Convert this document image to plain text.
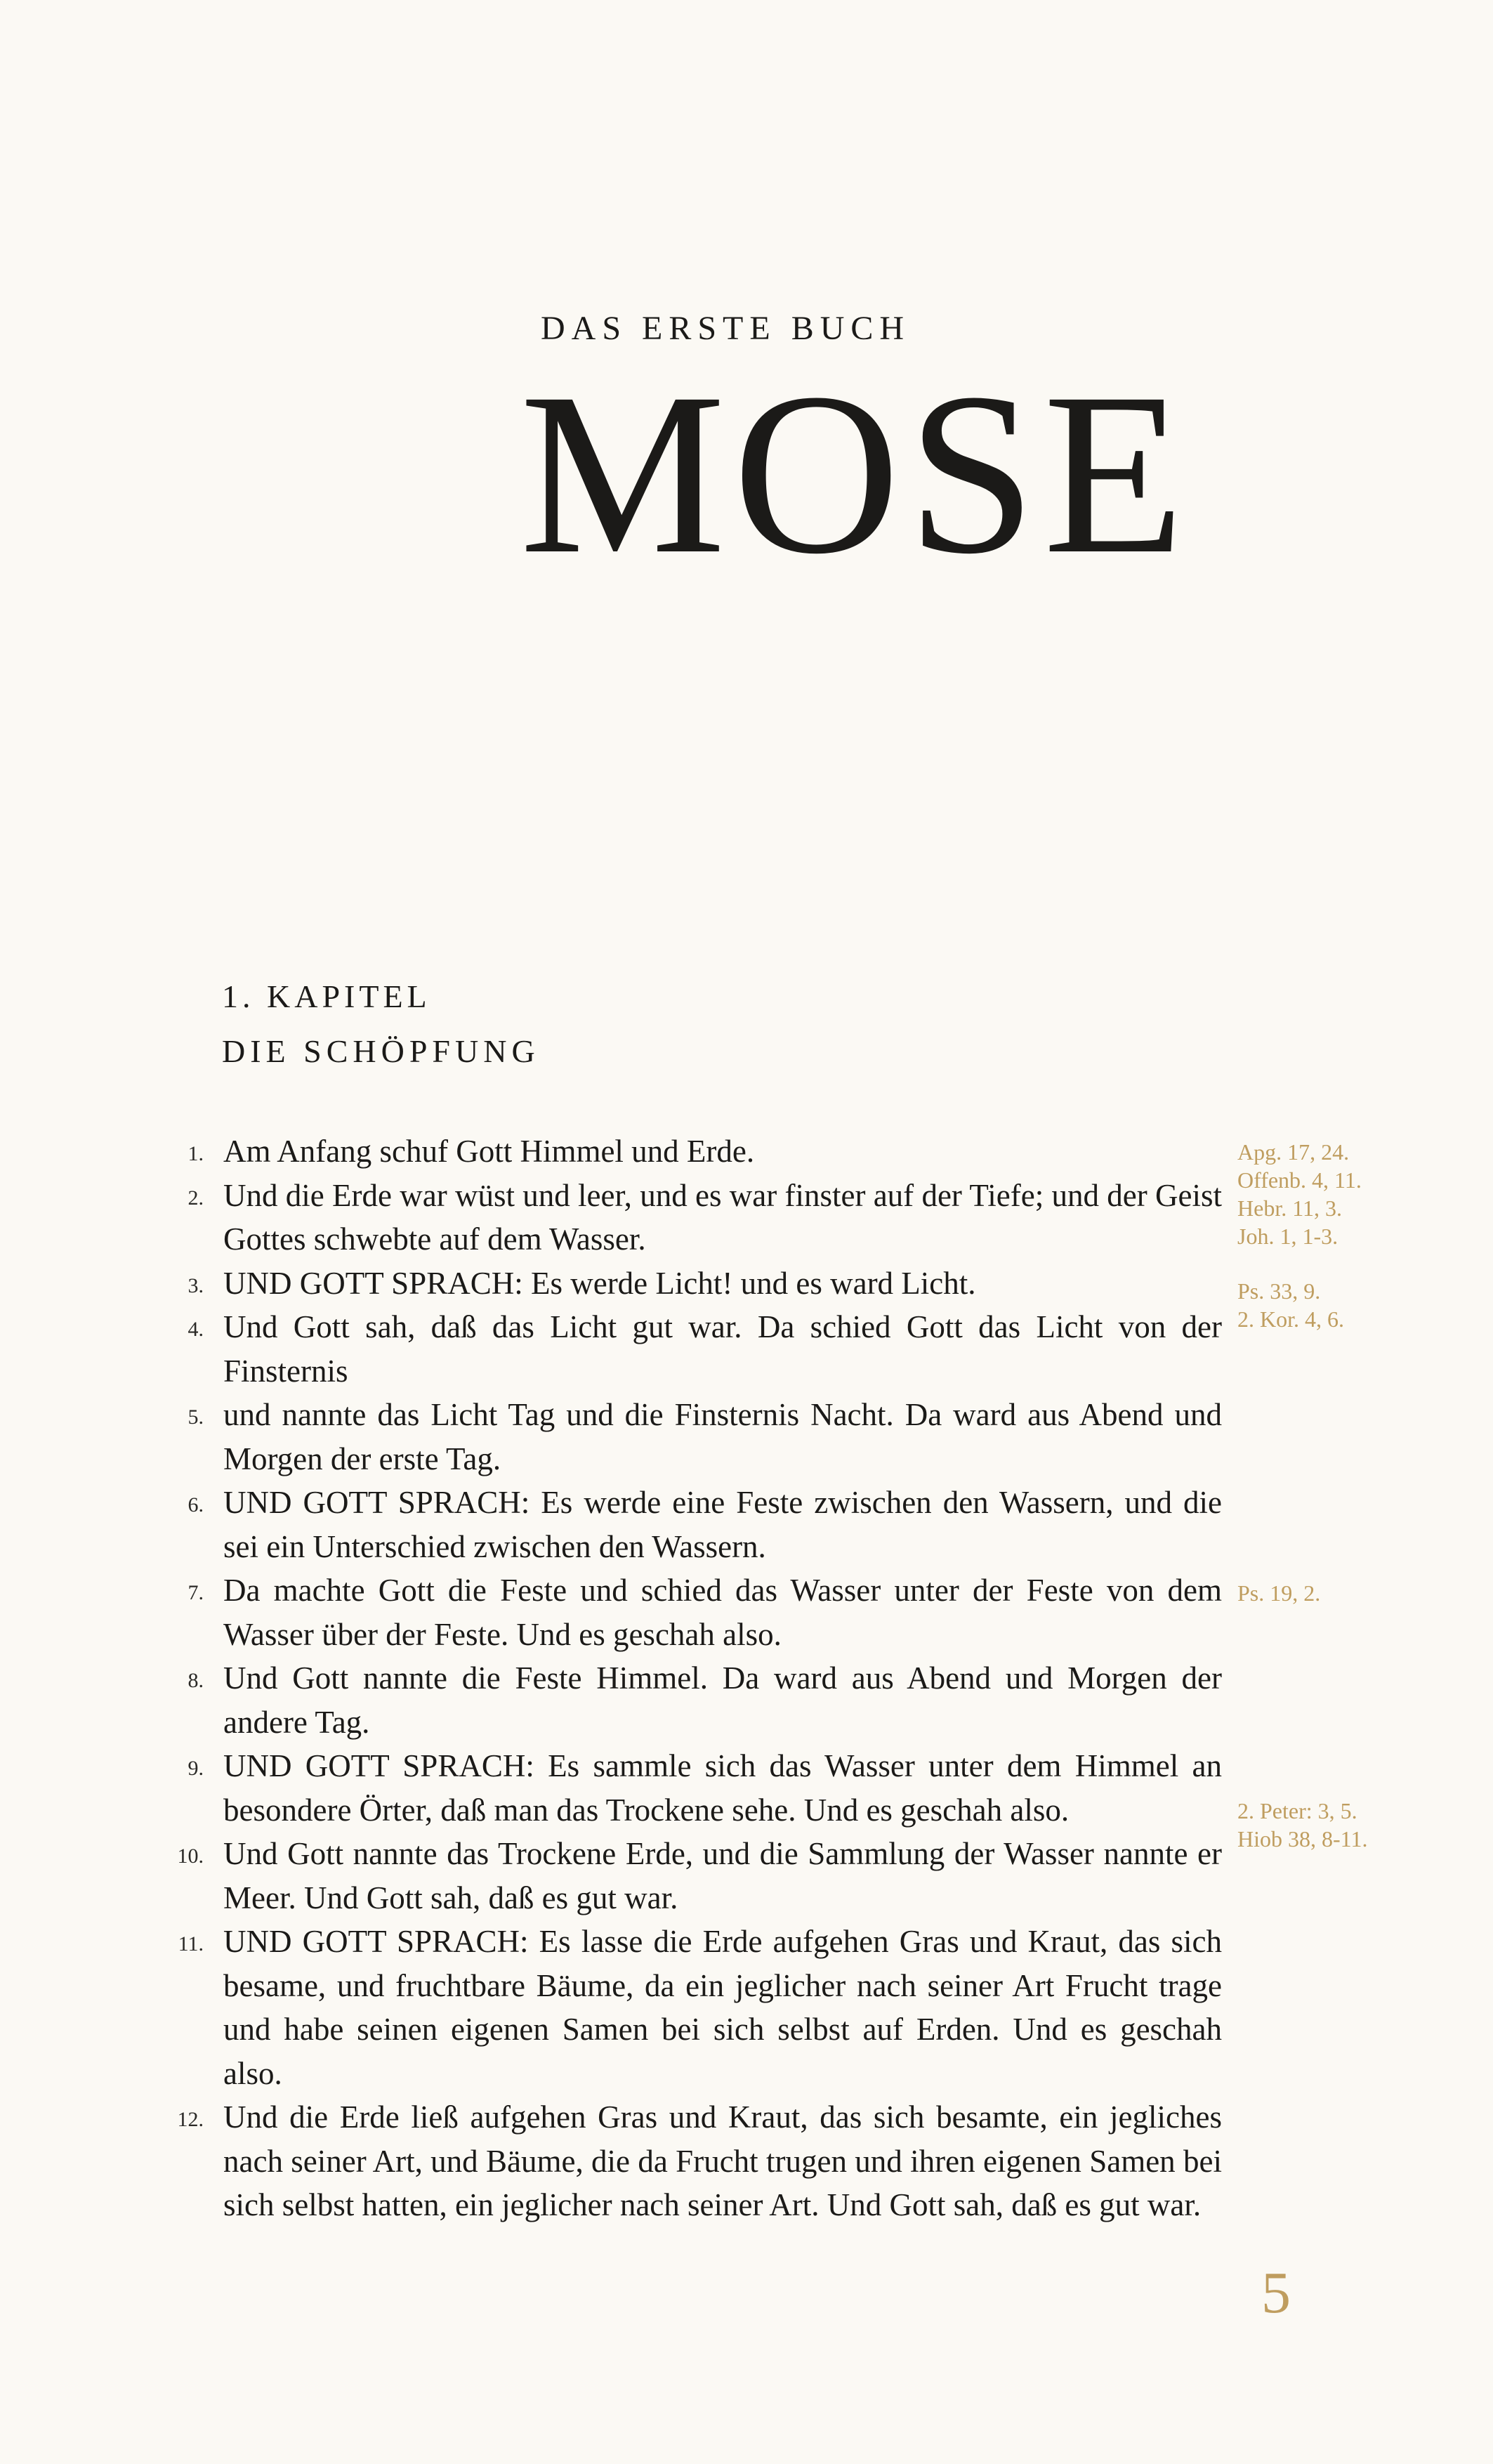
DAS ERSTE BUCH
MOSE
1. KAPITEL
DIE SCHÖPFUNG
1. Am Anfang schuf Gott Himmel und Erde.
2. Und die Erde war wüst und leer, und es war finster auf der Tiefe; und der Geist Gottes schwebte auf dem Wasser.
3. UND GOTT SPRACH: Es werde Licht! und es ward Licht.
4. Und Gott sah, daß das Licht gut war. Da schied Gott das Licht von der Finsternis
5. und nannte das Licht Tag und die Finsternis Nacht. Da ward aus Abend und Morgen der erste Tag.
6. UND GOTT SPRACH: Es werde eine Feste zwischen den Wassern, und die sei ein Unterschied zwischen den Wassern.
7. Da machte Gott die Feste und schied das Wasser unter der Feste von dem Wasser über der Feste. Und es geschah also.
8. Und Gott nannte die Feste Himmel. Da ward aus Abend und Morgen der andere Tag.
9. UND GOTT SPRACH: Es sammle sich das Wasser unter dem Himmel an besondere Örter, daß man das Trockene sehe. Und es geschah also.
10. Und Gott nannte das Trockene Erde, und die Sammlung der Wasser nannte er Meer. Und Gott sah, daß es gut war.
11. UND GOTT SPRACH: Es lasse die Erde aufgehen Gras und Kraut, das sich besame, und fruchtbare Bäume, da ein jeglicher nach seiner Art Frucht trage und habe seinen eigenen Samen bei sich selbst auf Erden. Und es geschah also.
12. Und die Erde ließ aufgehen Gras und Kraut, das sich besamte, ein jegliches nach seiner Art, und Bäume, die da Frucht trugen und ihren eigenen Samen bei sich selbst hatten, ein jeglicher nach seiner Art. Und Gott sah, daß es gut war.
Apg. 17, 24.
Offenb. 4, 11.
Hebr. 11, 3.
Joh. 1, 1-3.
Ps. 33, 9.
2. Kor. 4, 6.
Ps. 19, 2.
2. Peter: 3, 5.
Hiob 38, 8-11.
5
